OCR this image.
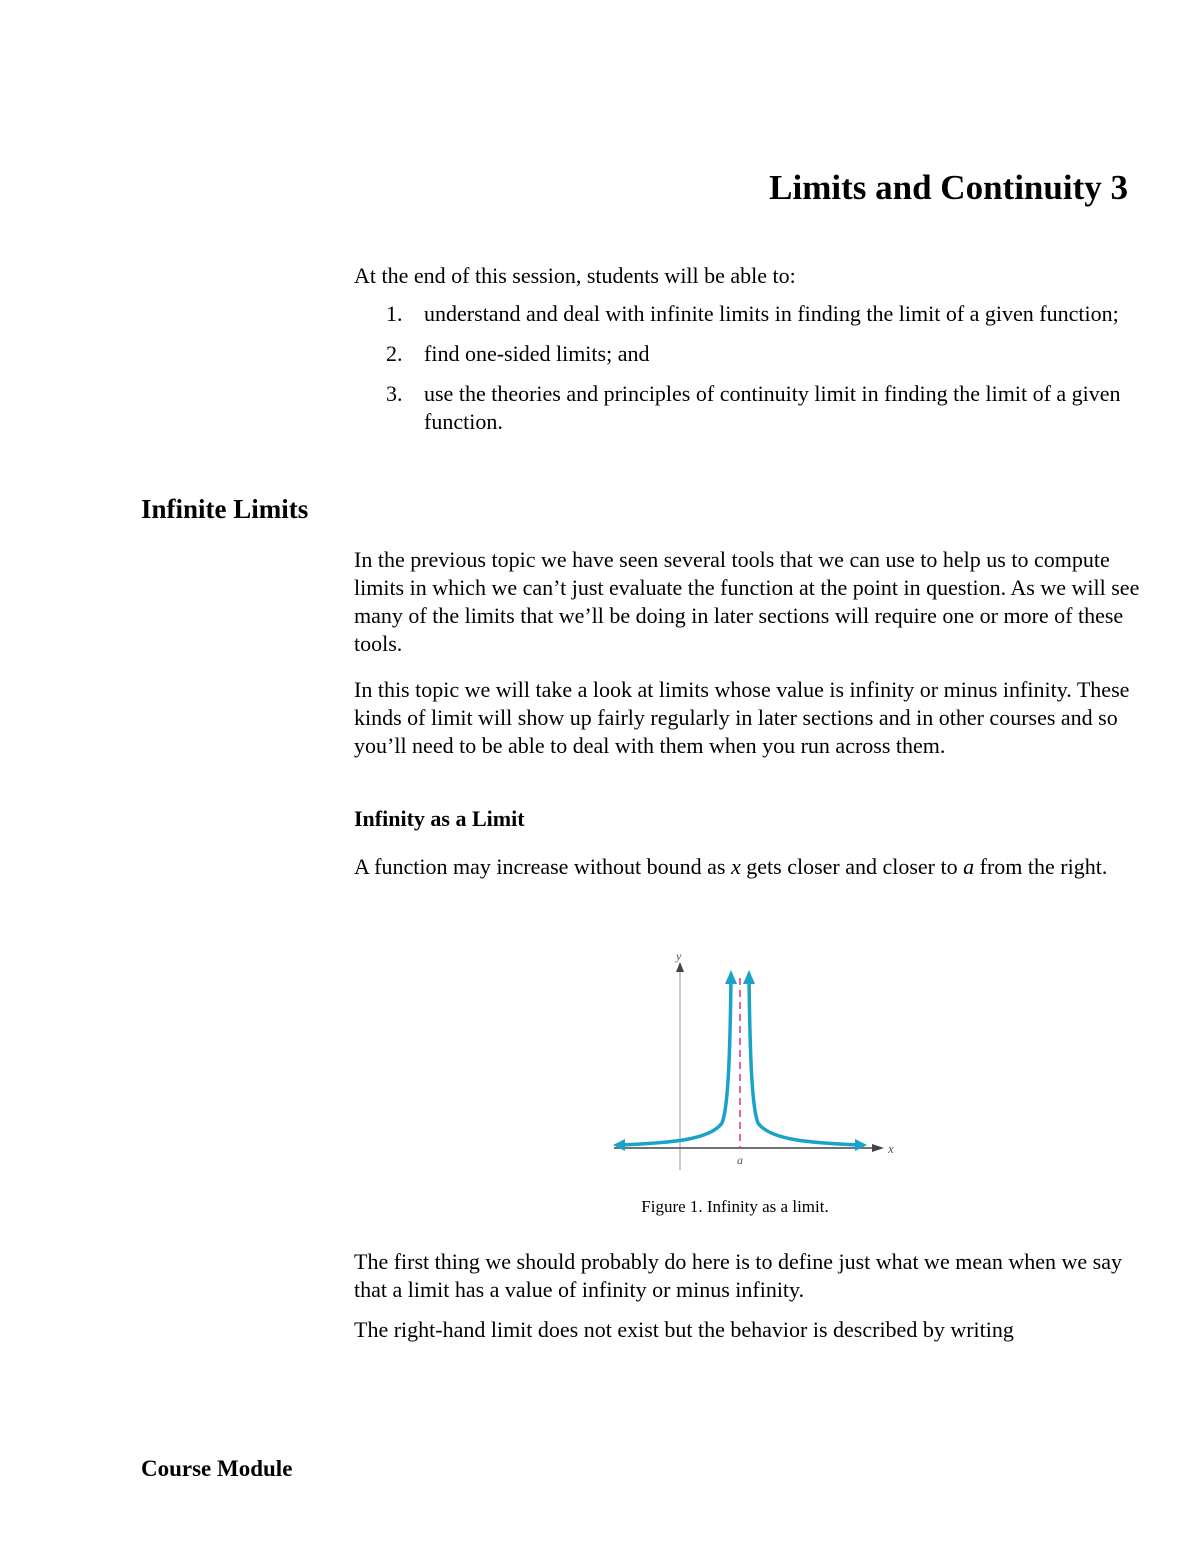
Limits and Continuity 3
At the end of this session, students will be able to:
1. understand and deal with infinite limits in finding the limit of a given function;
2. find one-sided limits; and
3. use the theories and principles of continuity limit in finding the limit of a given function.
Infinite Limits

In the previous topic we have seen several tools that we can use to help us to compute limits in which we can’t just evaluate the function at the point in question. As we will see many of the limits that we’ll be doing in later sections will require one or more of these tools.

In this topic we will take a look at limits whose value is infinity or minus infinity. These kinds of limit will show up fairly regularly in later sections and in other courses and so you’ll need to be able to deal with them when you run across them.

Infinity as a Limit

A function may increase without bound as x gets closer and closer to a from the right.

y
x
a
Figure 1. Infinity as a limit.

The first thing we should probably do here is to define just what we mean when we say that a limit has a value of infinity or minus infinity.

The right-hand limit does not exist but the behavior is described by writing

Course Module
